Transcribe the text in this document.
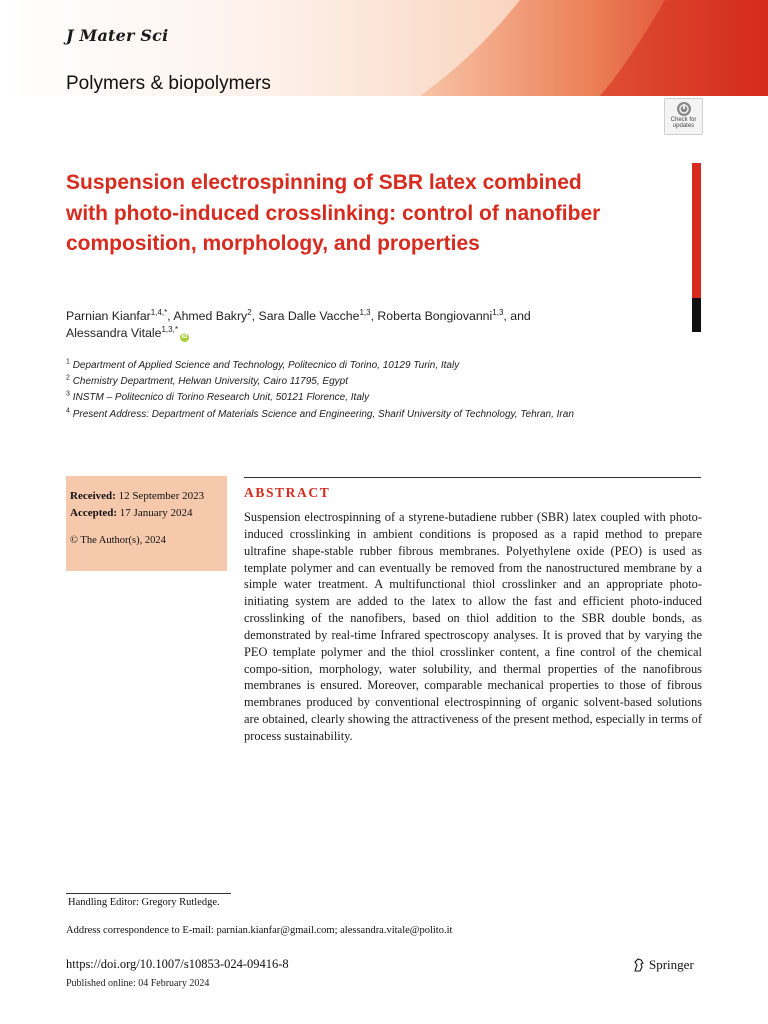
J Mater Sci
Polymers & biopolymers
Check for
updates
Suspension electrospinning of SBR latex combined with photo-induced crosslinking: control of nanofiber composition, morphology, and properties
Parnian Kianfar$^{1,4,*}$, Ahmed Bakry$^2$, Sara Dalle Vacche$^{1,3}$, Roberta Bongiovanni$^{1,3}$, and
Alessandra Vitale$^{1,3,*}$iD
$^1$ Department of Applied Science and Technology, Politecnico di Torino, 10129 Turin, Italy
$^2$ Chemistry Department, Helwan University, Cairo 11795, Egypt
$^3$ INSTM – Politecnico di Torino Research Unit, 50121 Florence, Italy
$^4$ Present Address: Department of Materials Science and Engineering, Sharif University of Technology, Tehran, Iran
Received: 12 September 2023
Accepted: 17 January 2024
© The Author(s), 2024
ABSTRACT

Suspension electrospinning of a styrene-butadiene rubber (SBR) latex coupled with photo-induced crosslinking in ambient conditions is proposed as a rapid method to prepare ultrafine shape-stable rubber fibrous membranes. Polyethylene oxide (PEO) is used as template polymer and can eventually be removed from the nanostructured membrane by a simple water treatment. A multifunctional thiol crosslinker and an appropriate photo-initiating system are added to the latex to allow the fast and efficient photo-induced crosslinking of the nanofibers, based on thiol addition to the SBR double bonds, as demonstrated by real-time Infrared spectroscopy analyses. It is proved that by varying the PEO template polymer and the thiol crosslinker content, a fine control of the chemical compo-sition, morphology, water solubility, and thermal properties of the nanofibrous membranes is ensured. Moreover, comparable mechanical properties to those of fibrous membranes produced by conventional electrospinning of organic solvent-based solutions are obtained, clearly showing the attractiveness of the present method, especially in terms of process sustainability.

Handling Editor: Gregory Rutledge.
Address correspondence to E-mail: parnian.kianfar@gmail.com; alessandra.vitale@polito.it
https://doi.org/10.1007/s10853-024-09416-8
Published online: 04 February 2024
Springer
